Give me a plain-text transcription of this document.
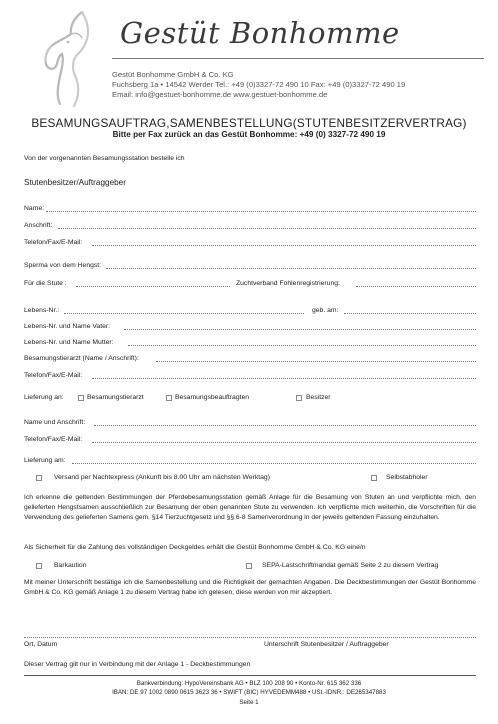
Gestüt Bonhomme
Gestüt Bonhomme GmbH & Co. KG
Fuchsberg 1a • 14542 Werder Tel.: +49 (0)3327-72 490 10 Fax: +49 (0)3327-72 490 19
Email: info@gestuet-bonhomme.de www.gestuet-bonhomme.de
BESAMUNGSAUFTRAG,SAMENBESTELLUNG(STUTENBESITZERVERTRAG)
Bitte per Fax zurück an das Gestüt Bonhomme: +49 (0) 3327-72 490 19
Von der vorgenannten Besamungsstation bestelle ich
Stutenbesitzer/Auftraggeber
Name:
Anschrift:
Telefon/Fax/E-Mail:
Sperma von dem Hengst:
Für die Stute :	Zuchtverband Fohlenregistrierung:
Lebens-Nr.:	geb. am:
Lebens-Nr. und Name Vater:
Lebens-Nr. und Name Mutter:
Besamungstierarzt (Name / Anschrift):
Telefon/Fax/E-Mail:
Lieferung an:	Besamungstierarzt	Besamungsbeauftragten	Besitzer
Name und Anschrift:
Telefon/Fax/E-Mail:
Lieferung am:
Versand per Nachtexpress (Ankunft bis 8.00 Uhr am nächsten Werktag)	Selbstabholer
Ich erkenne die geltenden Bestimmungen der Pferdebesamungsstation gemäß Anlage für die Besamung von Stuten an und verpflichte mich, den gelieferten Hengstsamen ausschließlich zur Besamung der oben genannten Stute zu verwenden. Ich verpflichte mich weiterhin, die Vorschriften für die Verwendung des gelieferten Samens gem. §14 Tierzuchtgesetz und §§ 6-8 Samenverordnung in der jeweils geltenden Fassung einzuhalten.
Als Sicherheit für die Zahlung des vollständigen Deckgeldes erhält die Gestüt Bonhomme GmbH & Co. KG eine/n
Barkaution	SEPA-Lastschriftmandat gemäß Seite 2 zu diesem Vertrag
Mit meiner Unterschrift bestätige ich die Samenbestellung und die Richtigkeit der gemachten Angaben. Die Deckbestimmungen der Gestüt Bonhomme GmbH & Co. KG gemäß Anlage 1 zu diesem Vertrag habe ich gelesen, diese werden von mir akzeptiert.
Ort, Datum	Unterschrift Stutenbesitzer / Auftraggeber
Dieser Vertrag gilt nur in Verbindung mit der Anlage 1 - Deckbestimmungen
Bankverbindung: HypoVereinsbank AG • BLZ 100 208 90 • Konto-Nr. 615 362 336
IBAN: DE 97 1002 0890 0615 3623 36 • SWIFT (BIC) HYVEDEMM488 • USt.-IDNR.: DE265347883
Seite 1
